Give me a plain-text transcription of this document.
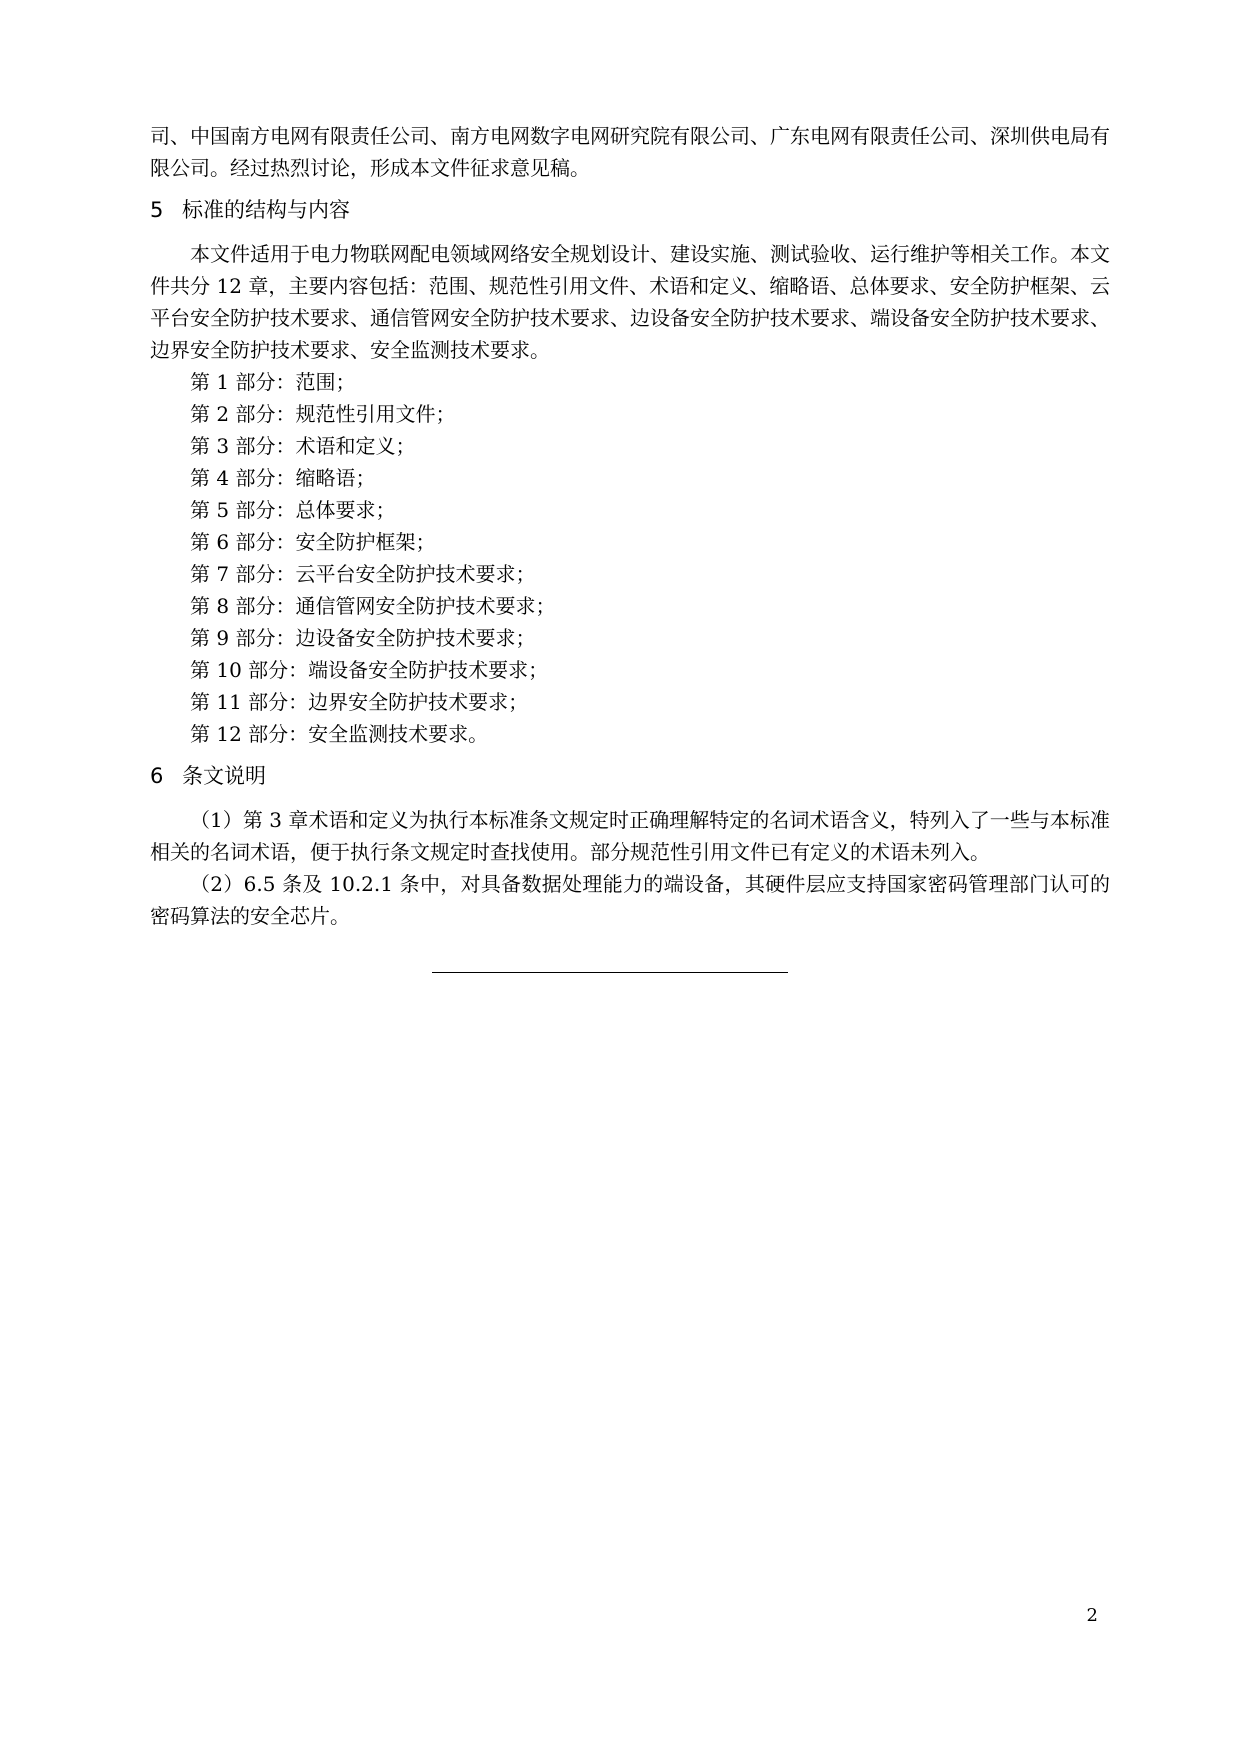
司、中国南方电网有限责任公司、南方电网数字电网研究院有限公司、广东电网有限责任公司、深圳供电局有限公司。经过热烈讨论，形成本文件征求意见稿。

5 标准的结构与内容

本文件适用于电力物联网配电领域网络安全规划设计、建设实施、测试验收、运行维护等相关工作。本文件共分 12 章，主要内容包括：范围、规范性引用文件、术语和定义、缩略语、总体要求、安全防护框架、云平台安全防护技术要求、通信管网安全防护技术要求、边设备安全防护技术要求、端设备安全防护技术要求、边界安全防护技术要求、安全监测技术要求。

第 1 部分：范围；

第 2 部分：规范性引用文件；

第 3 部分：术语和定义；

第 4 部分：缩略语；

第 5 部分：总体要求；

第 6 部分：安全防护框架；

第 7 部分：云平台安全防护技术要求；

第 8 部分：通信管网安全防护技术要求；

第 9 部分：边设备安全防护技术要求；

第 10 部分：端设备安全防护技术要求；

第 11 部分：边界安全防护技术要求；

第 12 部分：安全监测技术要求。

6 条文说明

（1）第 3 章术语和定义为执行本标准条文规定时正确理解特定的名词术语含义，特列入了一些与本标准相关的名词术语，便于执行条文规定时查找使用。部分规范性引用文件已有定义的术语未列入。

（2）6.5 条及 10.2.1 条中，对具备数据处理能力的端设备，其硬件层应支持国家密码管理部门认可的密码算法的安全芯片。

2
